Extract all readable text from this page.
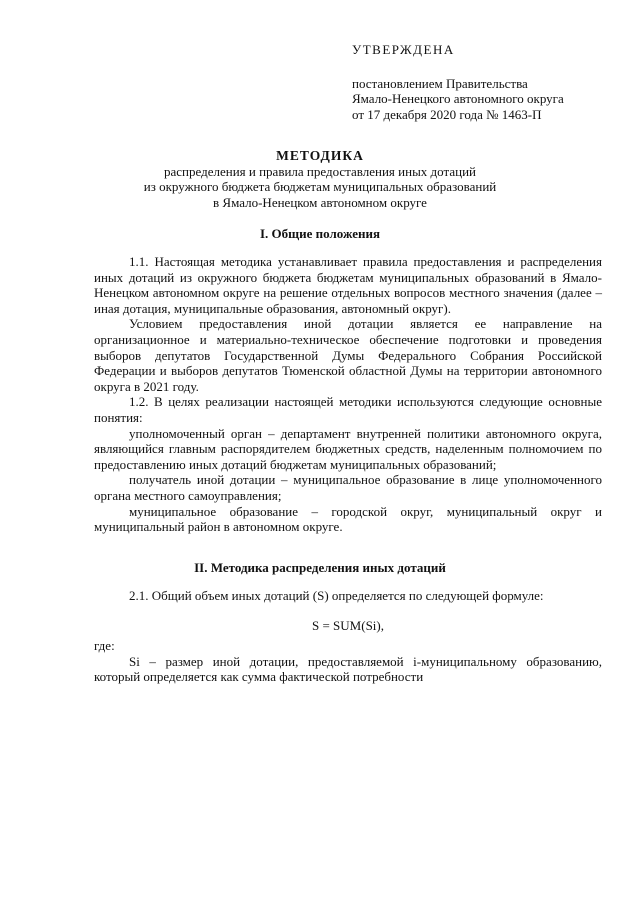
УТВЕРЖДЕНА
постановлением Правительства
Ямало-Ненецкого автономного округа
от 17 декабря 2020 года № 1463-П
МЕТОДИКА
распределения и правила предоставления иных дотаций
из окружного бюджета бюджетам муниципальных образований
в Ямало-Ненецком автономном округе
I. Общие положения

1.1. Настоящая методика устанавливает правила предоставления и распределения иных дотаций из окружного бюджета бюджетам муниципальных образований в Ямало-Ненецком автономном округе на решение отдельных вопросов местного значения (далее – иная дотация, муниципальные образования, автономный округ).

Условием предоставления иной дотации является ее направление на организационное и материально-техническое обеспечение подготовки и проведения выборов депутатов Государственной Думы Федерального Собрания Российской Федерации и выборов депутатов Тюменской областной Думы на территории автономного округа в 2021 году.

1.2. В целях реализации настоящей методики используются следующие основные понятия:

уполномоченный орган – департамент внутренней политики автономного округа, являющийся главным распорядителем бюджетных средств, наделенным полномочием по предоставлению иных дотаций бюджетам муниципальных образований;

получатель иной дотации – муниципальное образование в лице уполномоченного органа местного самоуправления;

муниципальное образование – городской округ, муниципальный округ и муниципальный район в автономном округе.

II. Методика распределения иных дотаций

2.1. Общий объем иных дотаций (S) определяется по следующей формуле:

S = SUM(Si),

где:

Si – размер иной дотации, предоставляемой i-муниципальному образованию, который определяется как сумма фактической потребности
